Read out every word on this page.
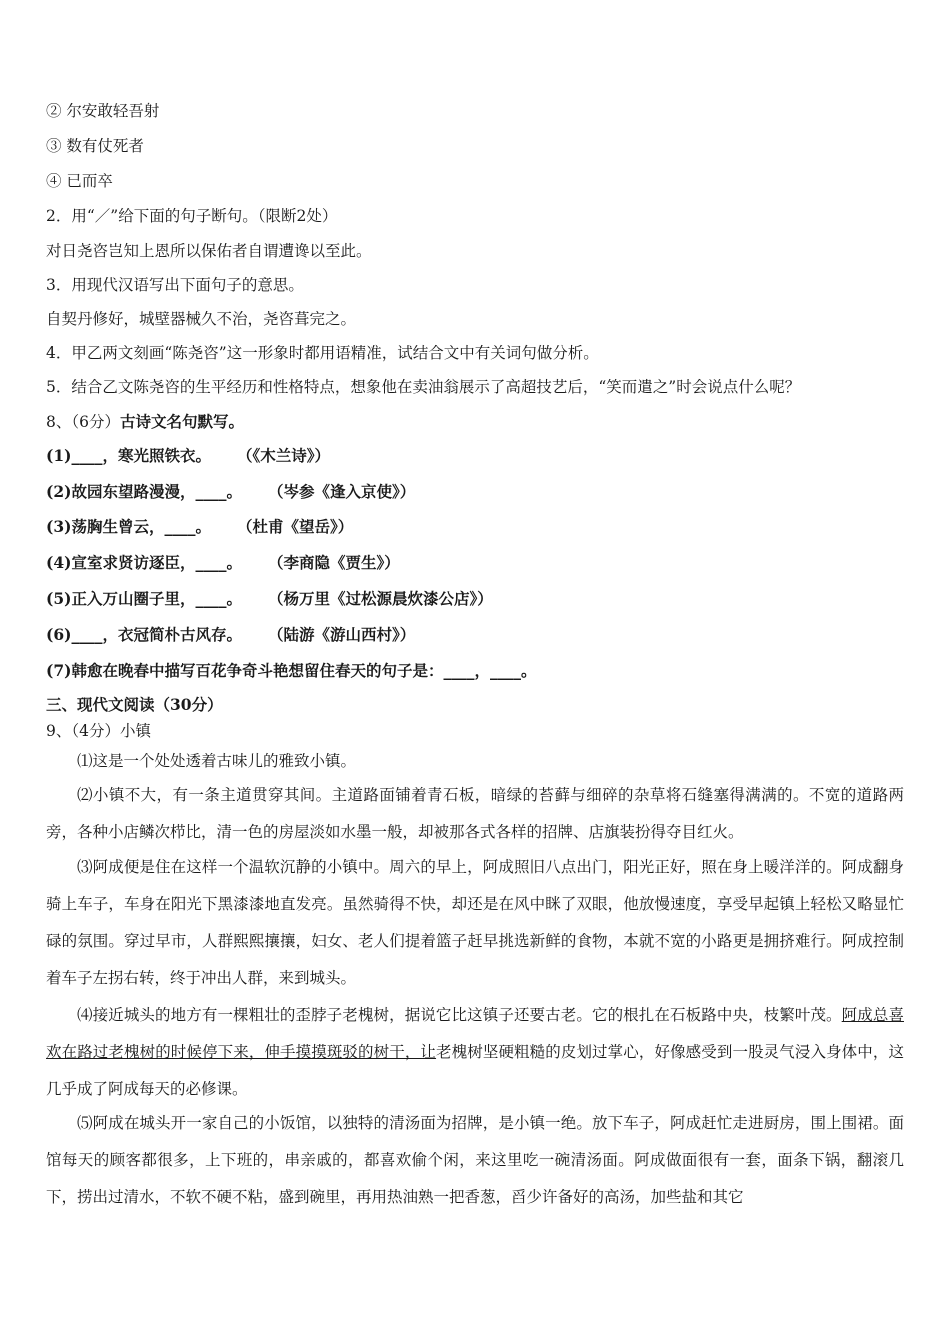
② 尔安敢轻吾射
③ 数有仗死者
④ 已而卒
2．用“／”给下面的句子断句。（限断2处）
对日尧咨岂知上恩所以保佑者自谓遭谗以至此。
3．用现代汉语写出下面句子的意思。
自契丹修好，城壁器械久不治，尧咨葺完之。
4．甲乙两文刻画“陈尧咨”这一形象时都用语精准，试结合文中有关词句做分析。
5．结合乙文陈尧咨的生平经历和性格特点，想象他在卖油翁展示了高超技艺后，“笑而遣之”时会说点什么呢？
8、（6分）古诗文名句默写。
(1)____，寒光照铁衣。 （《木兰诗》）
(2)故园东望路漫漫，____。 （岑参《逢入京使》）
(3)荡胸生曾云，____。 （杜甫《望岳》）
(4)宣室求贤访逐臣，____。 （李商隐《贾生》）
(5)正入万山圈子里，____。 （杨万里《过松源晨炊漆公店》）
(6)____，衣冠简朴古风存。 （陆游《游山西村》）
(7)韩愈在晚春中描写百花争奇斗艳想留住春天的句子是：____，____。
三、现代文阅读（30分）
9、（4分）小镇
⑴这是一个处处透着古味儿的雅致小镇。
⑵小镇不大，有一条主道贯穿其间。主道路面铺着青石板，暗绿的苔藓与细碎的杂草将石缝塞得满满的。不宽的道路两旁，各种小店鳞次栉比，清一色的房屋淡如水墨一般，却被那各式各样的招牌、店旗装扮得夺目红火。
⑶阿成便是住在这样一个温软沉静的小镇中。周六的早上，阿成照旧八点出门，阳光正好，照在身上暖洋洋的。阿成翻身骑上车子，车身在阳光下黑漆漆地直发亮。虽然骑得不快，却还是在风中眯了双眼，他放慢速度，享受早起镇上轻松又略显忙碌的氛围。穿过早市，人群熙熙攘攘，妇女、老人们提着篮子赶早挑选新鲜的食物，本就不宽的小路更是拥挤难行。阿成控制着车子左拐右转，终于冲出人群，来到城头。
⑷接近城头的地方有一棵粗壮的歪脖子老槐树，据说它比这镇子还要古老。它的根扎在石板路中央，枝繁叶茂。阿成总喜欢在路过老槐树的时候停下来，伸手摸摸斑驳的树干，让老槐树坚硬粗糙的皮划过掌心，好像感受到一股灵气浸入身体中，这几乎成了阿成每天的必修课。
⑸阿成在城头开一家自己的小饭馆，以独特的清汤面为招牌，是小镇一绝。放下车子，阿成赶忙走进厨房，围上围裙。面馆每天的顾客都很多，上下班的，串亲戚的，都喜欢偷个闲，来这里吃一碗清汤面。阿成做面很有一套，面条下锅，翻滚几下，捞出过清水，不软不硬不粘，盛到碗里，再用热油熟一把香葱，舀少许备好的高汤，加些盐和其它
